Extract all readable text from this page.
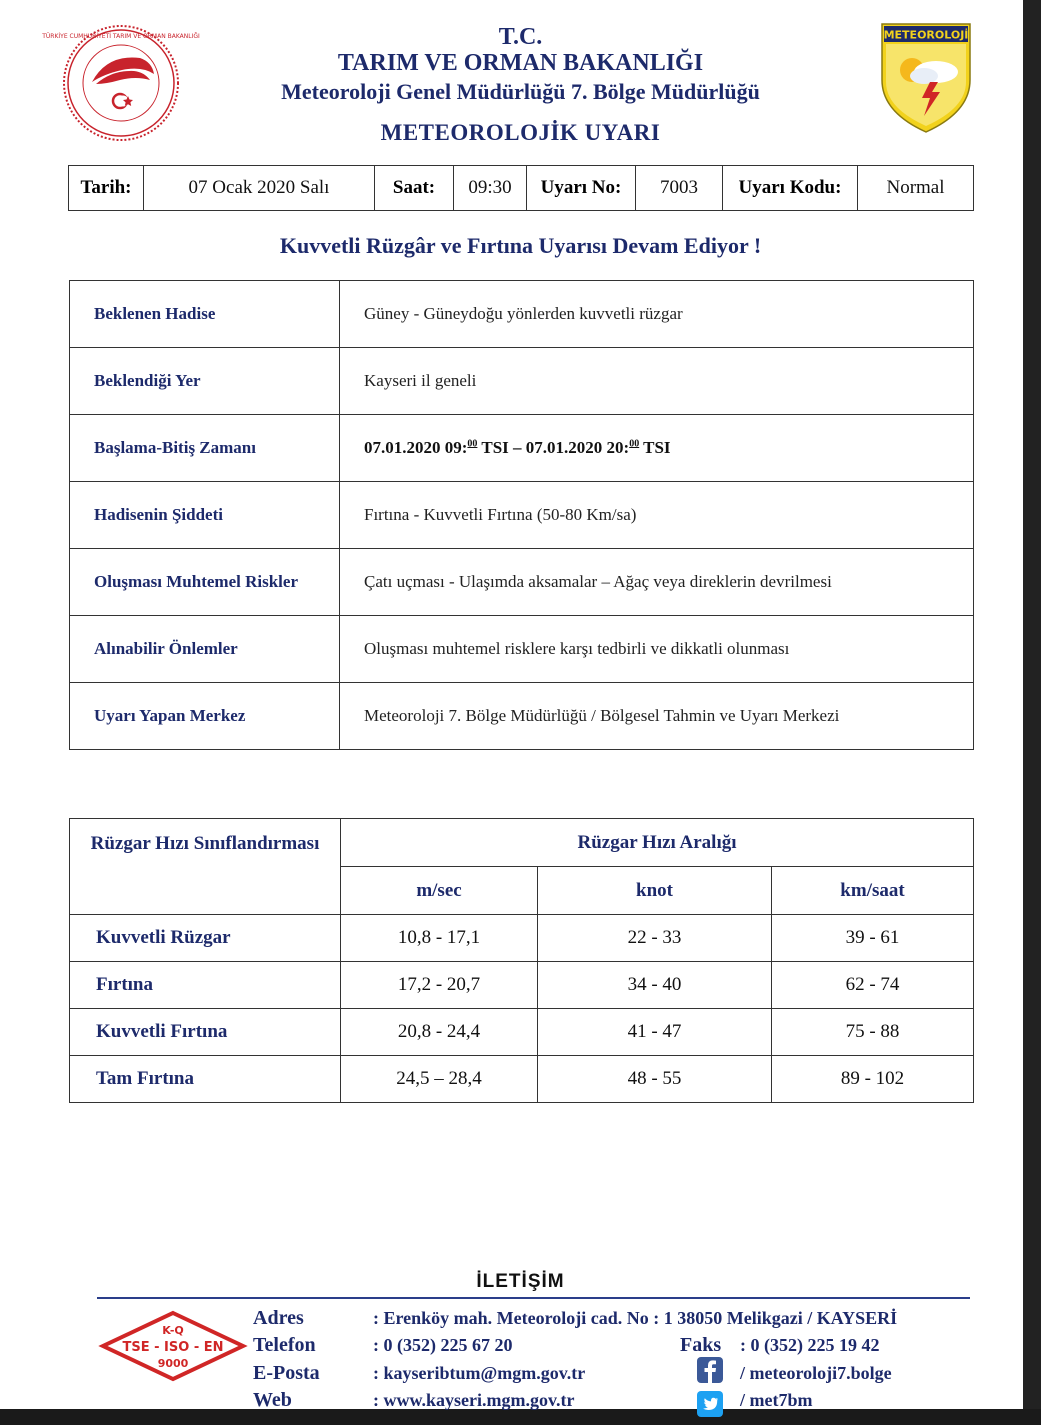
TÜRKİYE CUMHURİYETİ TARIM VE ORMAN BAKANLIĞI	METEOROLOJİ
T.C.
TARIM VE ORMAN BAKANLIĞI
Meteoroloji Genel Müdürlüğü 7. Bölge Müdürlüğü
METEOROLOJİK UYARI
Tarih:	07 Ocak 2020 Salı	Saat:	09:30	Uyarı No:	7003	Uyarı Kodu:	Normal
Kuvvetli Rüzgâr ve Fırtına Uyarısı Devam Ediyor !
Beklenen Hadise	Güney - Güneydoğu yönlerden kuvvetli rüzgar
Beklendiği Yer	Kayseri il geneli
Başlama-Bitiş Zamanı	07.01.2020 09:$^{00}$ TSI – 07.01.2020 20:$^{00}$ TSI
Hadisenin Şiddeti	Fırtına - Kuvvetli Fırtına (50-80 Km/sa)
Oluşması Muhtemel Riskler	Çatı uçması - Ulaşımda aksamalar – Ağaç veya direklerin devrilmesi
Alınabilir Önlemler	Oluşması muhtemel risklere karşı tedbirli ve dikkatli olunması
Uyarı Yapan Merkez	Meteoroloji 7. Bölge Müdürlüğü / Bölgesel Tahmin ve Uyarı Merkezi
Rüzgar Hızı Sınıflandırması	Rüzgar Hızı Aralığı		
	m/sec	knot	km/saat
Kuvvetli Rüzgar	10,8 - 17,1	22 - 33	39 - 61
Fırtına	17,2 - 20,7	34 - 40	62 - 74
Kuvvetli Fırtına	20,8 - 24,4	41 - 47	75 - 88
Tam Fırtına	24,5 – 28,4	48 - 55	89 - 102
İLETİŞİM
K-Q
TSE - ISO - EN
9000
Adres	: Erenköy mah. Meteoroloji cad. No : 1 38050 Melikgazi / KAYSERİ
Telefon	: 0 (352) 225 67 20	Faks : 0 (352) 225 19 42
E-Posta	: kayseribtum@mgm.gov.tr	/ meteoroloji7.bolge
Web	: www.kayseri.mgm.gov.tr	/ met7bm
